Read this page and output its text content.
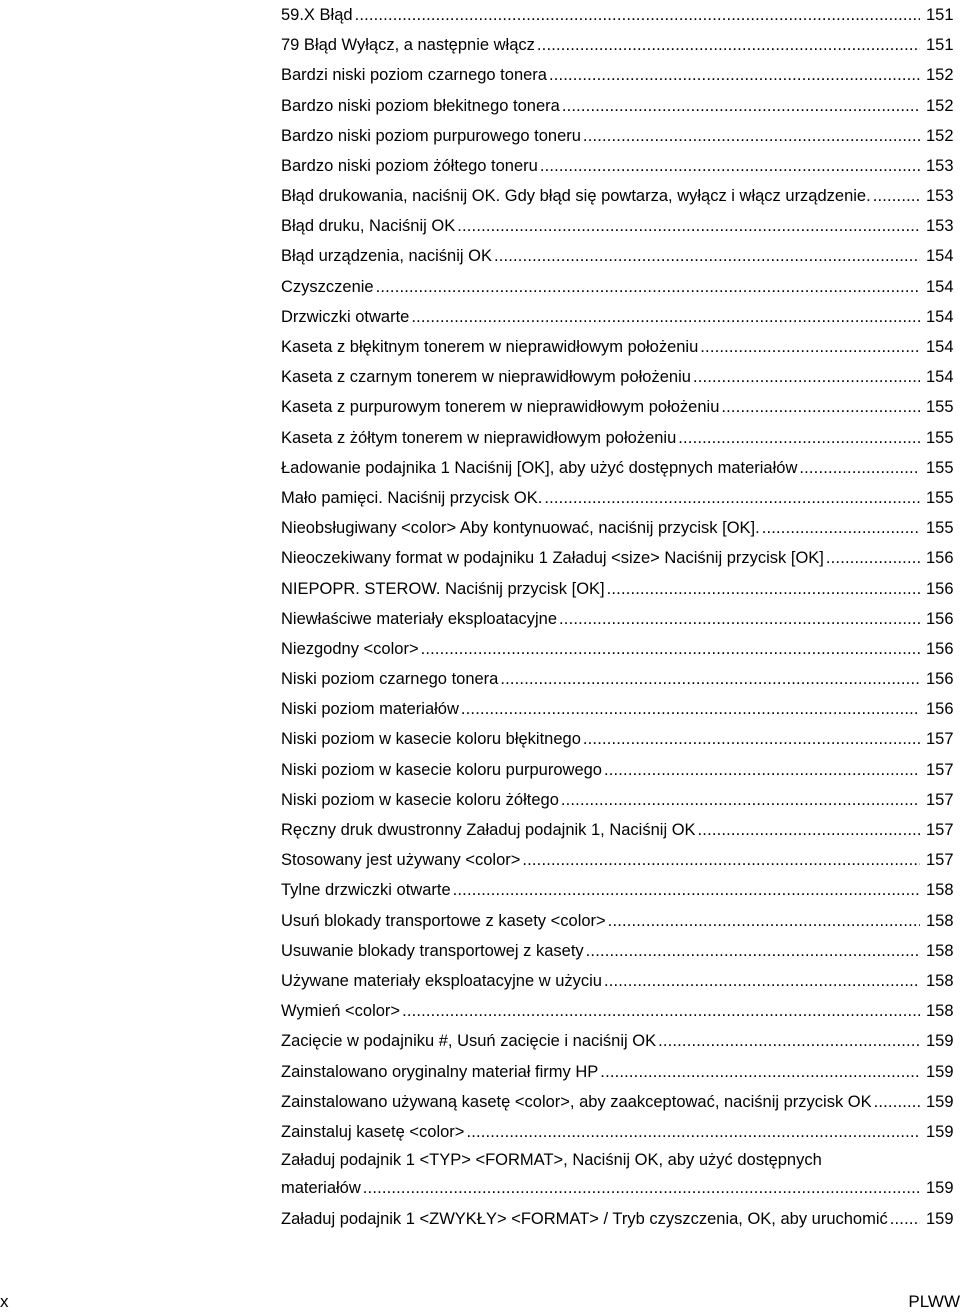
59.X Błąd . . .	151
79 Błąd Wyłącz, a następnie włącz . . .	151
Bardzi niski poziom czarnego tonera . . .	152
Bardzo niski poziom błekitnego tonera . . .	152
Bardzo niski poziom purpurowego toneru . . .	152
Bardzo niski poziom żółtego toneru . . .	153
Błąd drukowania, naciśnij OK. Gdy błąd się powtarza, wyłącz i włącz urządzenie. . . .	153
Błąd druku, Naciśnij OK . . .	153
Błąd urządzenia, naciśnij OK . . .	154
Czyszczenie . . .	154
Drzwiczki otwarte . . .	154
Kaseta z błękitnym tonerem w nieprawidłowym położeniu . . .	154
Kaseta z czarnym tonerem w nieprawidłowym położeniu . . .	154
Kaseta z purpurowym tonerem w nieprawidłowym położeniu . . .	155
Kaseta z żółtym tonerem w nieprawidłowym położeniu . . .	155
Ładowanie podajnika 1 Naciśnij [OK], aby użyć dostępnych materiałów . . .	155
Mało pamięci. Naciśnij przycisk OK. . . .	155
Nieobsługiwany <color> Aby kontynuować, naciśnij przycisk [OK]. . . .	155
Nieoczekiwany format w podajniku 1 Załaduj <size> Naciśnij przycisk [OK] . . .	156
NIEPOPR. STEROW. Naciśnij przycisk [OK] . . .	156
Niewłaściwe materiały eksploatacyjne . . .	156
Niezgodny <color> . . .	156
Niski poziom czarnego tonera . . .	156
Niski poziom materiałów . . .	156
Niski poziom w kasecie koloru błękitnego . . .	157
Niski poziom w kasecie koloru purpurowego . . .	157
Niski poziom w kasecie koloru żółtego . . .	157
Ręczny druk dwustronny Załaduj podajnik 1, Naciśnij OK . . .	157
Stosowany jest używany <color> . . .	157
Tylne drzwiczki otwarte . . .	158
Usuń blokady transportowe z kasety <color> . . .	158
Usuwanie blokady transportowej z kasety . . .	158
Używane materiały eksploatacyjne w użyciu . . .	158
Wymień <color> . . .	158
Zacięcie w podajniku #, Usuń zacięcie i naciśnij OK . . .	159
Zainstalowano oryginalny materiał firmy HP . . .	159
Zainstalowano używaną kasetę <color>, aby zaakceptować, naciśnij przycisk OK . . .	159
Zainstaluj kasetę <color> . . .	159
Załaduj podajnik 1 <TYP> <FORMAT>, Naciśnij OK, aby użyć dostępnych
materiałów . . .	159
Załaduj podajnik 1 <ZWYKŁY> <FORMAT> / Tryb czyszczenia, OK, aby uruchomić . . . 159
x	PLWW
